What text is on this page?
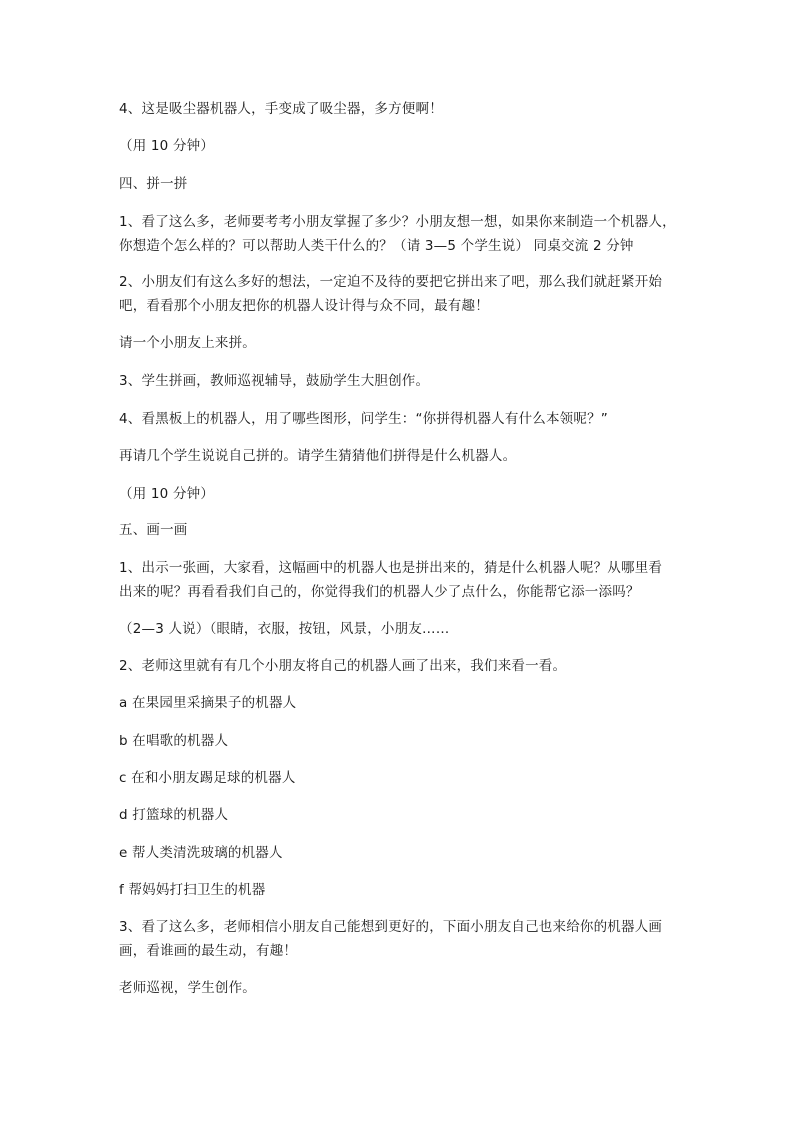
4、这是吸尘器机器人，手变成了吸尘器，多方便啊！
（用 10 分钟）
四、拼一拼
1、看了这么多，老师要考考小朋友掌握了多少？小朋友想一想，如果你来制造一个机器人，
你想造个怎么样的？可以帮助人类干什么的？（请 3—5 个学生说） 同桌交流 2 分钟
2、小朋友们有这么多好的想法，一定迫不及待的要把它拼出来了吧，那么我们就赶紧开始
吧，看看那个小朋友把你的机器人设计得与众不同，最有趣！
请一个小朋友上来拼。
3、学生拼画，教师巡视辅导，鼓励学生大胆创作。
4、看黑板上的机器人，用了哪些图形，问学生：“你拼得机器人有什么本领呢？”
再请几个学生说说自己拼的。请学生猜猜他们拼得是什么机器人。
（用 10 分钟）
五、画一画
1、出示一张画，大家看，这幅画中的机器人也是拼出来的，猜是什么机器人呢？从哪里看
出来的呢？再看看我们自己的，你觉得我们的机器人少了点什么，你能帮它添一添吗？
（2—3 人说）（眼睛，衣服，按钮，风景，小朋友……
2、老师这里就有有几个小朋友将自己的机器人画了出来，我们来看一看。
a 在果园里采摘果子的机器人
b 在唱歌的机器人
c 在和小朋友踢足球的机器人
d 打篮球的机器人
e 帮人类清洗玻璃的机器人
f 帮妈妈打扫卫生的机器
3、看了这么多，老师相信小朋友自己能想到更好的，下面小朋友自己也来给你的机器人画
画，看谁画的最生动，有趣！
老师巡视，学生创作。
